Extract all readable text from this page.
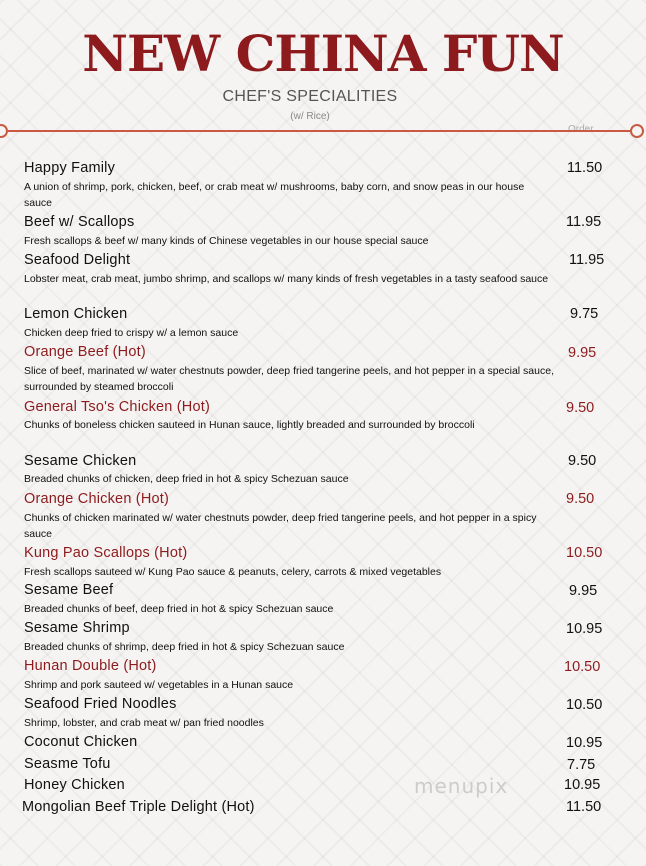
NEW CHINA FUN
CHEF'S SPECIALITIES
(w/ Rice)
Happy Family	11.50
A union of shrimp, pork, chicken, beef, or crab meat w/ mushrooms, baby corn, and snow peas in our house sauce
Beef w/ Scallops	11.95
Fresh scallops & beef w/ many kinds of Chinese vegetables in our house special sauce
Seafood Delight	11.95
Lobster meat, crab meat, jumbo shrimp, and scallops w/ many kinds of fresh vegetables in a tasty seafood sauce
Lemon Chicken	9.75
Chicken deep fried to crispy w/ a lemon sauce
Orange Beef (Hot)	9.95
Slice of beef, marinated w/ water chestnuts powder, deep fried tangerine peels, and hot pepper in a special sauce, surrounded by steamed broccoli
General Tso's Chicken (Hot)	9.50
Chunks of boneless chicken sauteed in Hunan sauce, lightly breaded and surrounded by broccoli
Sesame Chicken	9.50
Breaded chunks of chicken, deep fried in hot & spicy Schezuan sauce
Orange Chicken (Hot)	9.50
Chunks of chicken marinated w/ water chestnuts powder, deep fried tangerine peels, and hot pepper in a spicy sauce
Kung Pao Scallops (Hot)	10.50
Fresh scallops sauteed w/ Kung Pao sauce & peanuts, celery, carrots & mixed vegetables
Sesame Beef	9.95
Breaded chunks of beef, deep fried in hot & spicy Schezuan sauce
Sesame Shrimp	10.95
Breaded chunks of shrimp, deep fried in hot & spicy Schezuan sauce
Hunan Double (Hot)	10.50
Shrimp and pork sauteed w/ vegetables in a Hunan sauce
Seafood Fried Noodles	10.50
Shrimp, lobster, and crab meat w/ pan fried noodles
Coconut Chicken	10.95
Seasme Tofu	7.75
Honey Chicken	10.95
Mongolian Beef Triple Delight (Hot)	11.50
menupix
